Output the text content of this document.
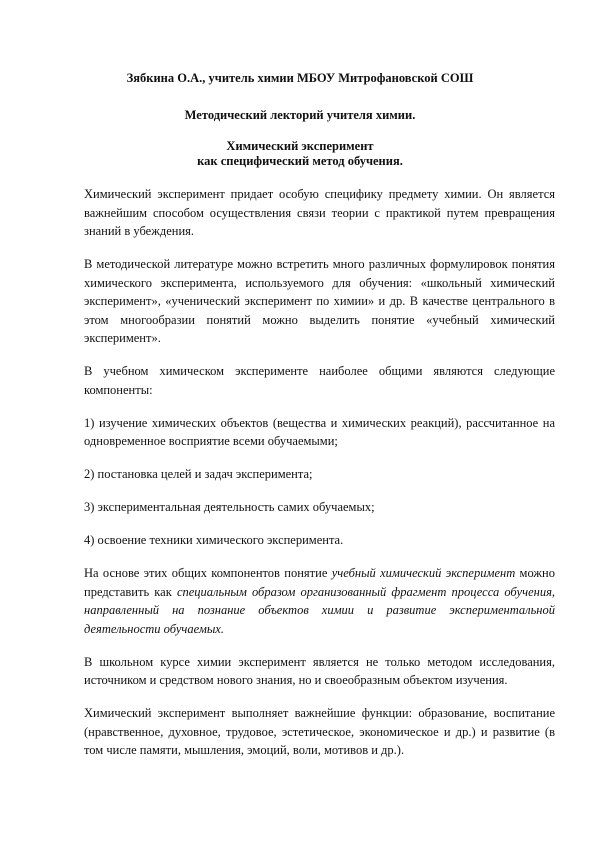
Зябкина О.А., учитель химии МБОУ Митрофановской СОШ
Методический лекторий учителя химии.
Химический эксперимент
как специфический метод обучения.

Химический эксперимент придает особую специфику предмету химии. Он является важнейшим способом осуществления связи теории с практикой путем превращения знаний в убеждения.

В методической литературе можно встретить много различных формулировок понятия химического эксперимента, используемого для обучения: «школьный химический эксперимент», «ученический эксперимент по химии» и др. В качестве центрального в этом многообразии понятий можно выделить понятие «учебный химический эксперимент».

В учебном химическом эксперименте наиболее общими являются следующие компоненты:

1) изучение химических объектов (вещества и химических реакций), рассчитанное на одновременное восприятие всеми обучаемыми;

2) постановка целей и задач эксперимента;

3) экспериментальная деятельность самих обучаемых;

4) освоение техники химического эксперимента.

На основе этих общих компонентов понятие учебный химический эксперимент можно представить как специальным образом организованный фрагмент процесса обучения, направленный на познание объектов химии и развитие экспериментальной деятельности обучаемых.

В школьном курсе химии эксперимент является не только методом исследования, источником и средством нового знания, но и своеобразным объектом изучения.

Химический эксперимент выполняет важнейшие функции: образование, воспитание (нравственное, духовное, трудовое, эстетическое, экономическое и др.) и развитие (в том числе памяти, мышления, эмоций, воли, мотивов и др.).
